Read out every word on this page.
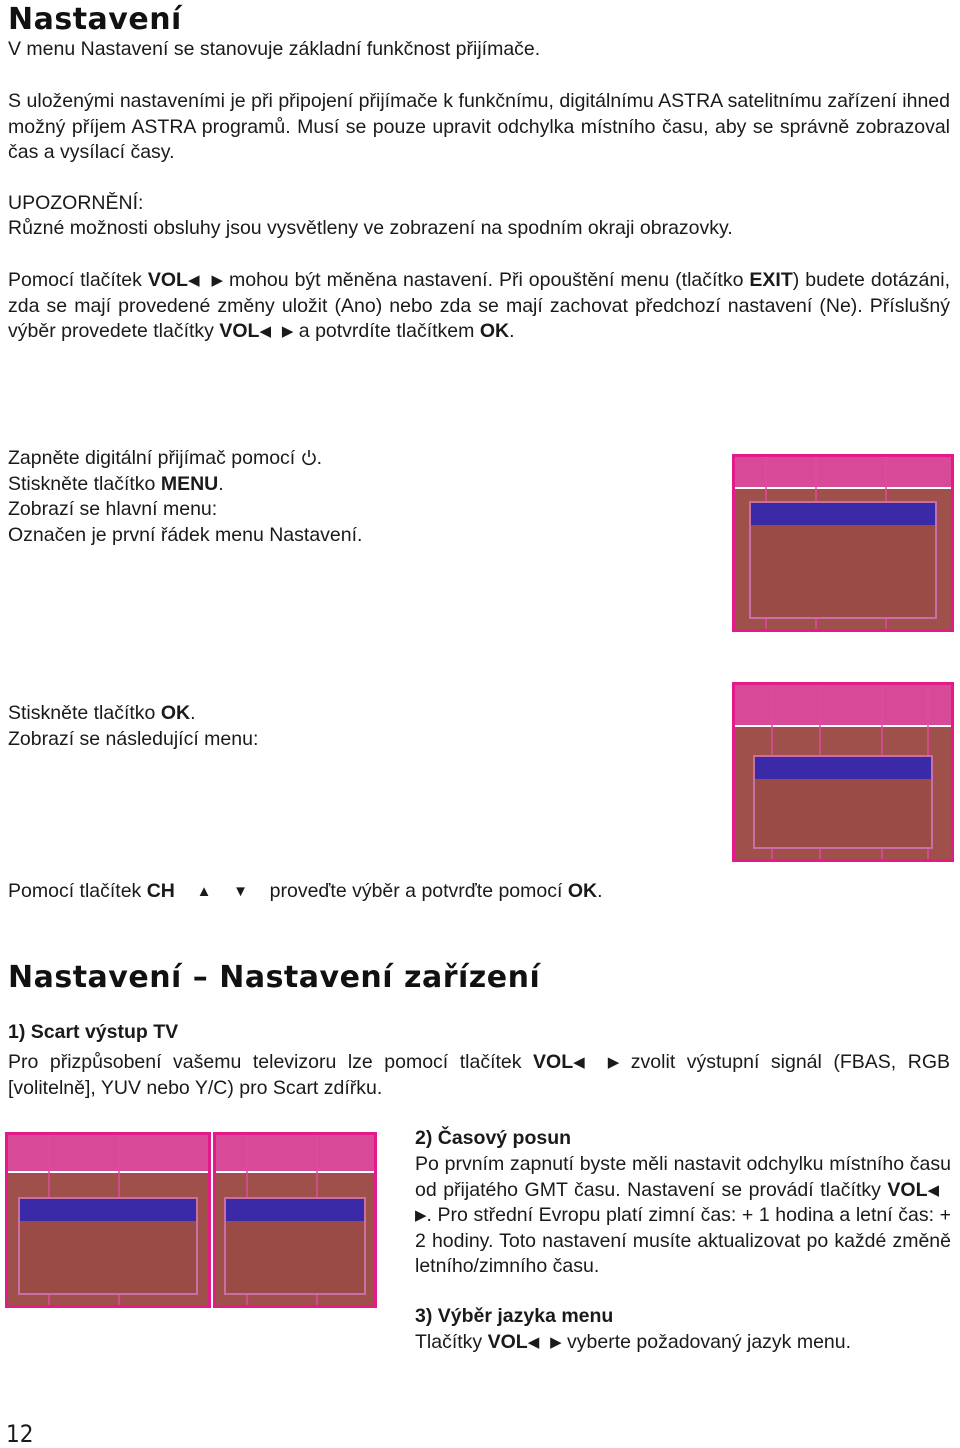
Nastavení
V menu Nastavení se stanovuje základní funkčnost přijímače.
S uloženými nastaveními je při připojení přijímače k funkčnímu, digitálnímu ASTRA satelitnímu zařízení ihned možný příjem ASTRA programů. Musí se pouze upravit odchylka místního času, aby se správně zobrazoval čas a vysílací časy.
UPOZORNĚNÍ:
Různé možnosti obsluhy jsou vysvětleny ve zobrazení na spodním okraji obrazovky.
Pomocí tlačítek VOL◀ ▶ mohou být měněna nastavení. Při opouštění menu (tlačítko EXIT) budete dotázáni, zda se mají provedené změny uložit (Ano) nebo zda se mají zachovat předchozí nastavení (Ne). Příslušný výběr provedete tlačítky VOL◀ ▶ a potvrdíte tlačítkem OK.
Zapněte digitální přijímač pomocí .
Stiskněte tlačítko MENU.
Zobrazí se hlavní menu:
Označen je první řádek menu Nastavení.

Stiskněte tlačítko OK.
Zobrazí se následující menu:

Pomocí tlačítek CH ▲ ▼    proveďte výběr a potvrďte pomocí OK.
Nastavení – Nastavení zařízení
1) Scart výstup TV
Pro přizpůsobení vašemu televizoru lze pomocí tlačítek VOL◀ ▶ zvolit výstupní signál (FBAS, RGB [volitelně], YUV nebo Y/C) pro Scart zdířku.

2) Časový posun
Po prvním zapnutí byste měli nastavit odchylku místního času od přijatého GMT času. Nastavení se provádí tlačítky VOL◀  ▶. Pro střední Evropu platí zimní čas: + 1 hodina a letní čas: + 2 hodiny. Toto nastavení musíte aktualizovat po každé změně letního/zimního času.
3) Výběr jazyka menu
Tlačítky VOL◀ ▶ vyberte požadovaný jazyk menu.
12
